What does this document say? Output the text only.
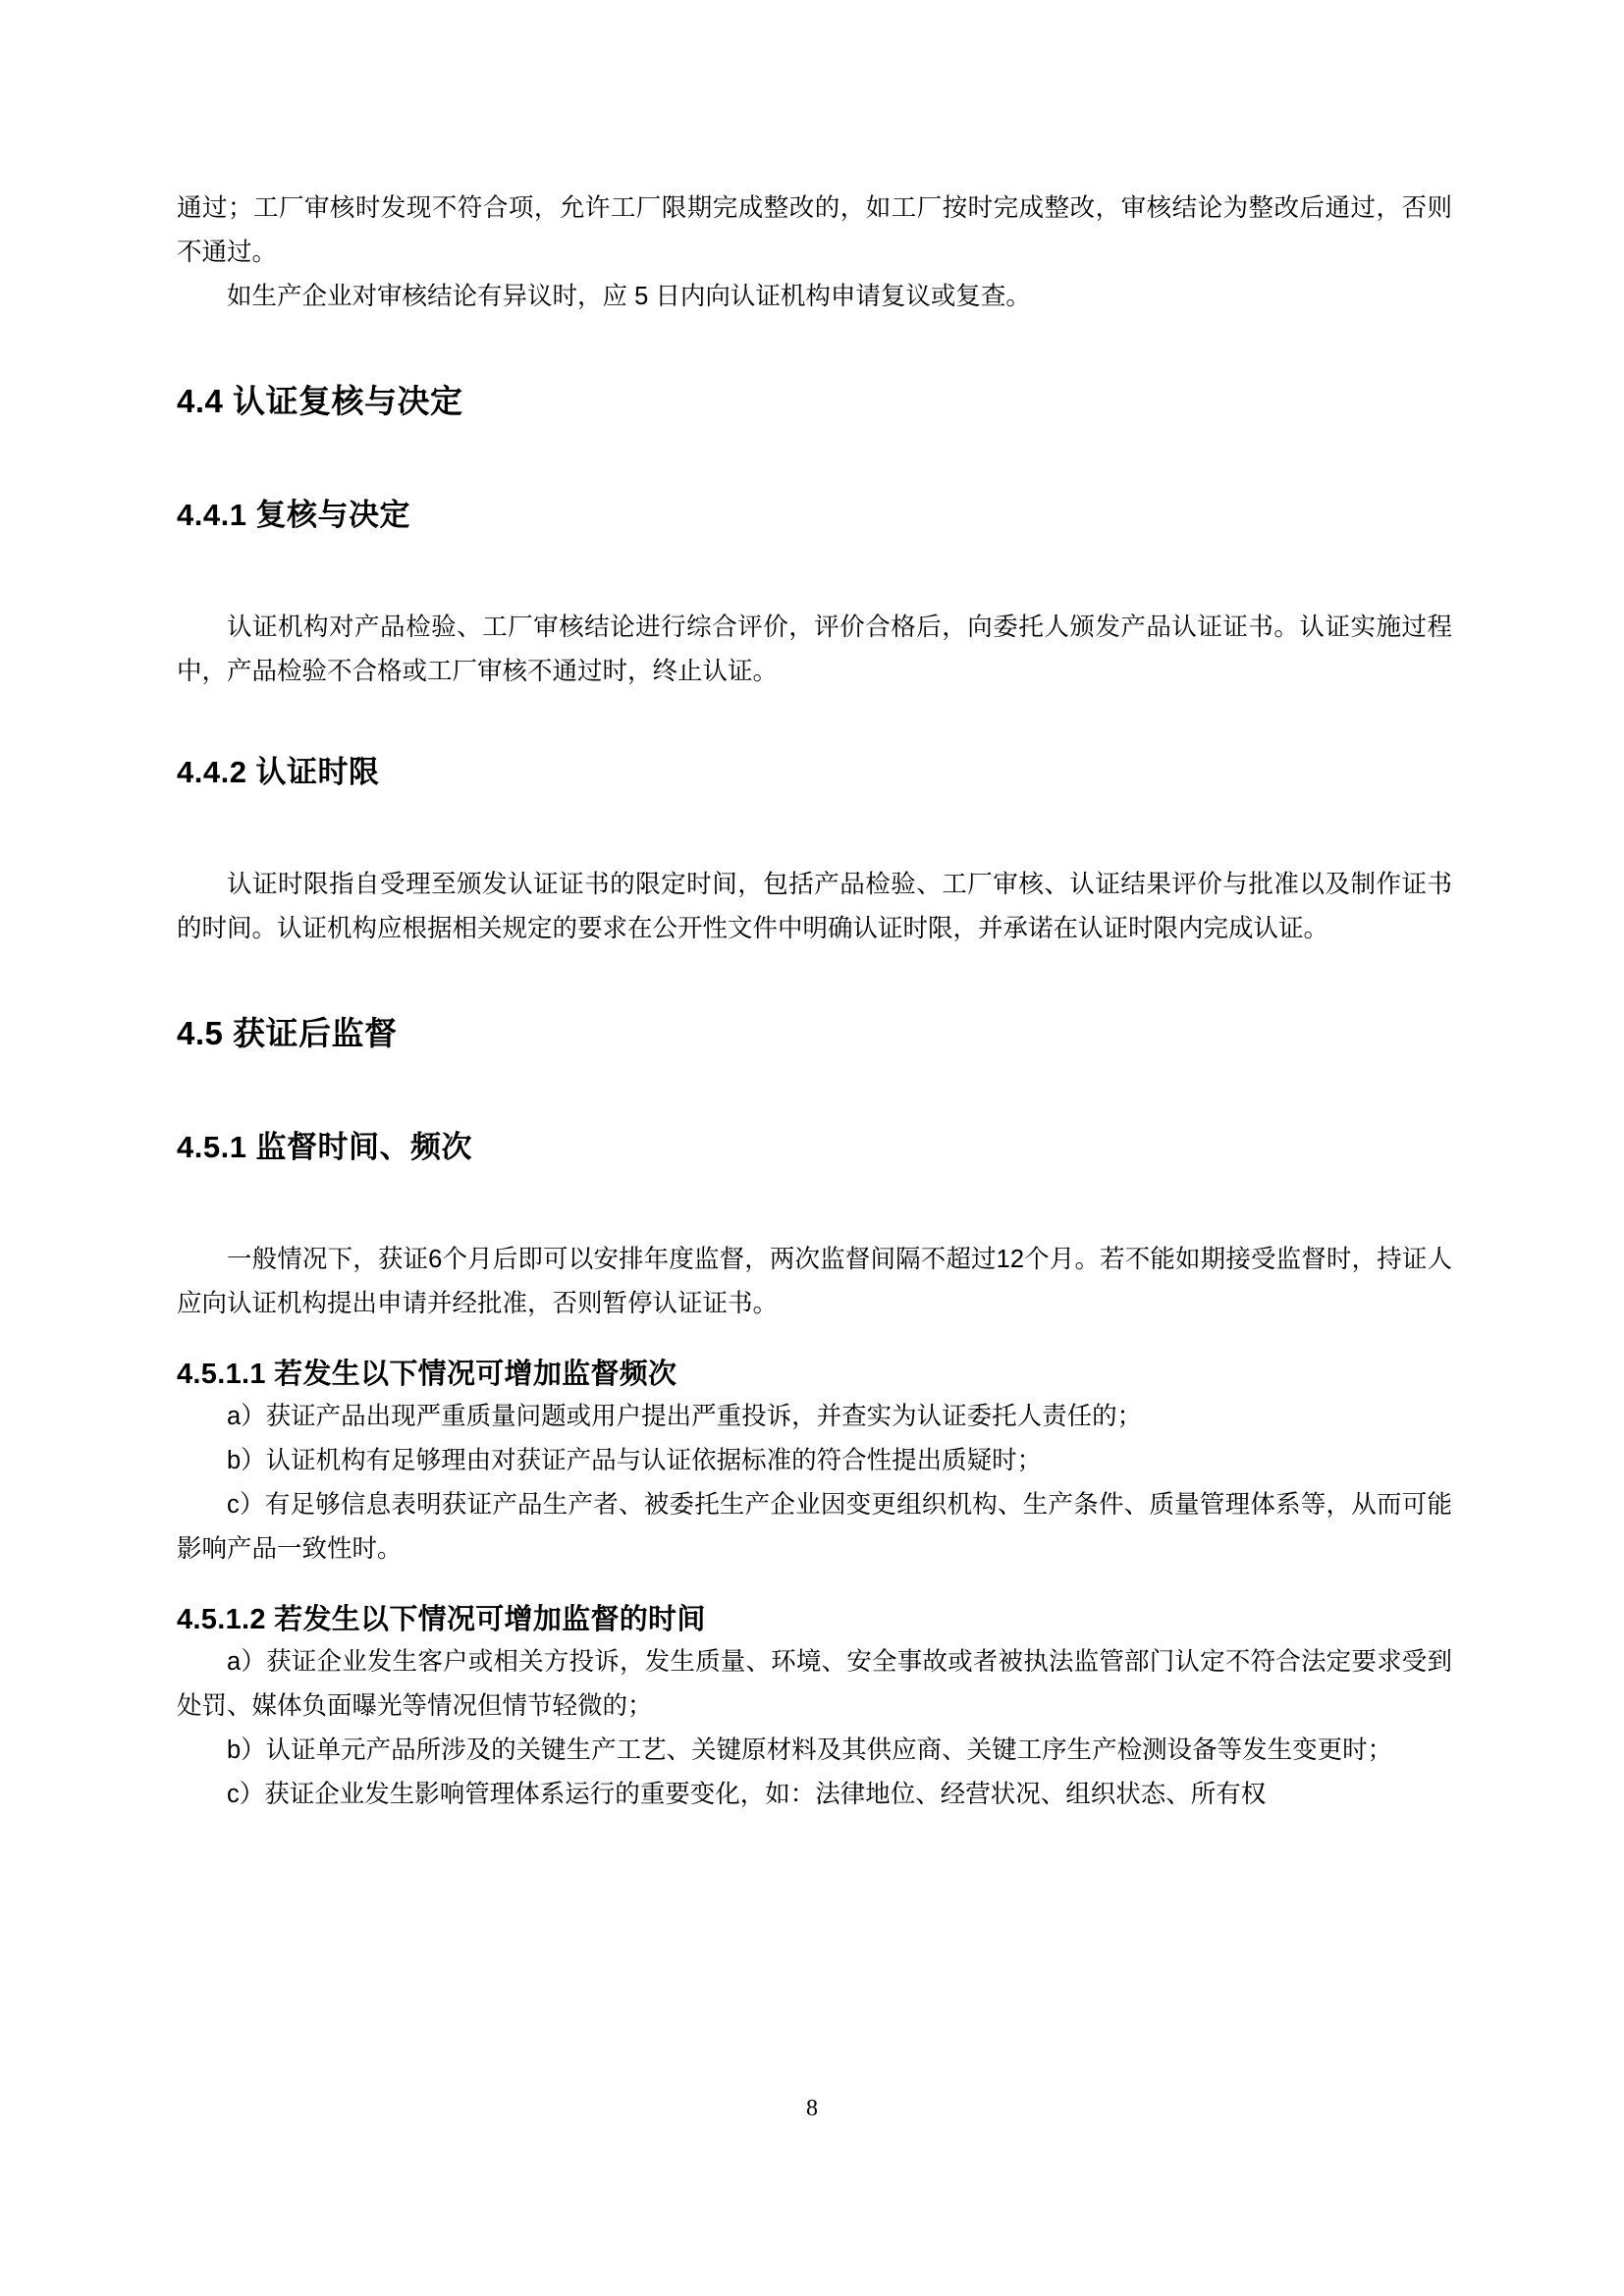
通过；工厂审核时发现不符合项，允许工厂限期完成整改的，如工厂按时完成整改，审核结论为整改后通过，否则不通过。

如生产企业对审核结论有异议时，应 5 日内向认证机构申请复议或复查。

4.4 认证复核与决定
4.4.1 复核与决定

认证机构对产品检验、工厂审核结论进行综合评价，评价合格后，向委托人颁发产品认证证书。认证实施过程中，产品检验不合格或工厂审核不通过时，终止认证。

4.4.2 认证时限

认证时限指自受理至颁发认证证书的限定时间，包括产品检验、工厂审核、认证结果评价与批准以及制作证书的时间。认证机构应根据相关规定的要求在公开性文件中明确认证时限，并承诺在认证时限内完成认证。

4.5 获证后监督
4.5.1 监督时间、频次

一般情况下，获证6个月后即可以安排年度监督，两次监督间隔不超过12个月。若不能如期接受监督时，持证人应向认证机构提出申请并经批准，否则暂停认证证书。

4.5.1.1 若发生以下情况可增加监督频次

a）获证产品出现严重质量问题或用户提出严重投诉，并查实为认证委托人责任的；

b）认证机构有足够理由对获证产品与认证依据标准的符合性提出质疑时；

c）有足够信息表明获证产品生产者、被委托生产企业因变更组织机构、生产条件、质量管理体系等，从而可能影响产品一致性时。

4.5.1.2 若发生以下情况可增加监督的时间

a）获证企业发生客户或相关方投诉，发生质量、环境、安全事故或者被执法监管部门认定不符合法定要求受到处罚、媒体负面曝光等情况但情节轻微的；

b）认证单元产品所涉及的关键生产工艺、关键原材料及其供应商、关键工序生产检测设备等发生变更时；

c）获证企业发生影响管理体系运行的重要变化，如：法律地位、经营状况、组织状态、所有权

8
